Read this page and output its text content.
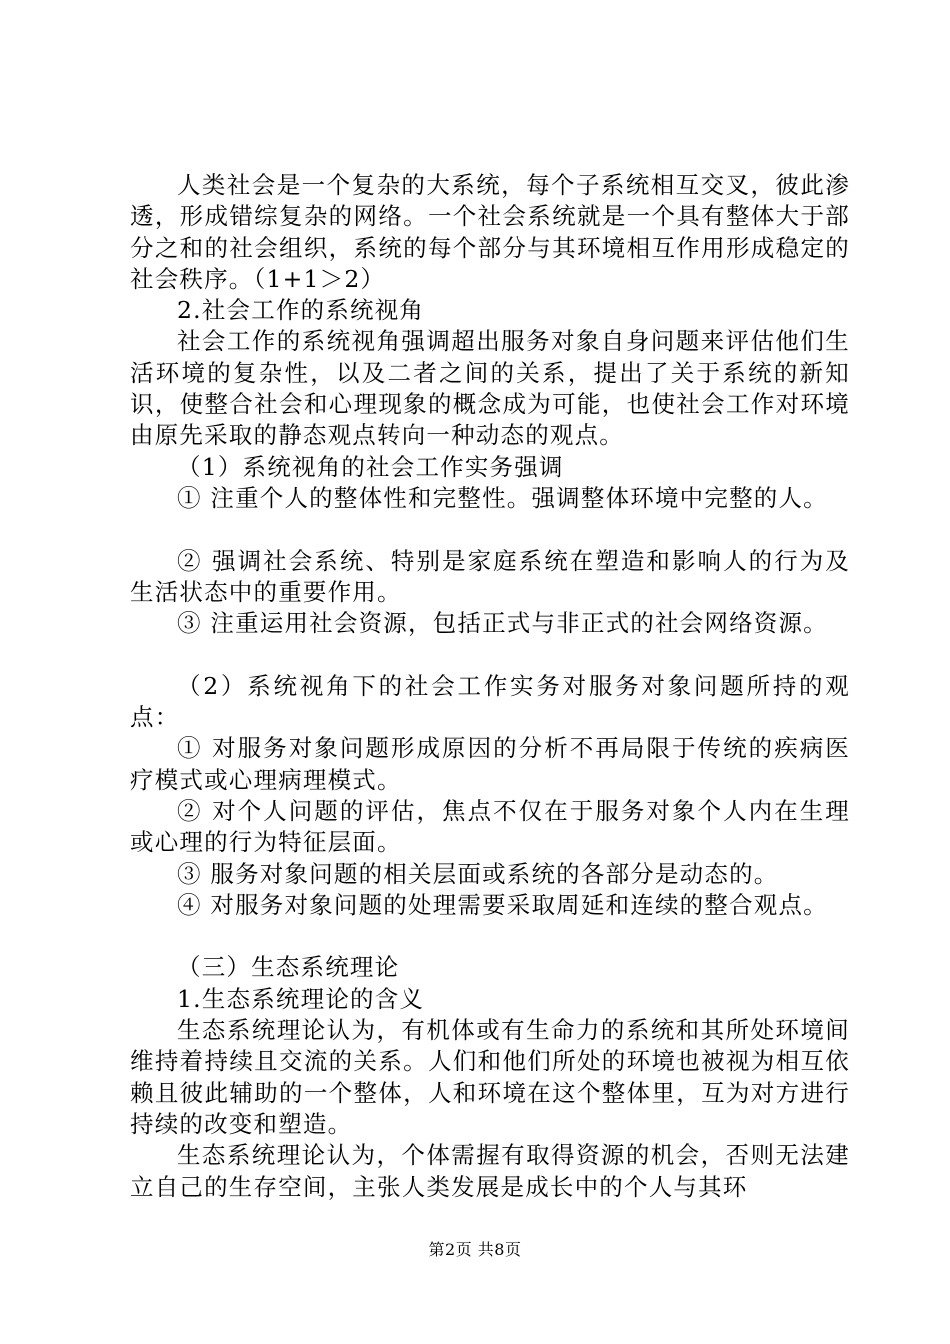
人类社会是一个复杂的大系统，每个子系统相互交叉，彼此渗透，形成错综复杂的网络。一个社会系统就是一个具有整体大于部分之和的社会组织，系统的每个部分与其环境相互作用形成稳定的社会秩序。（1+1＞2）

2.社会工作的系统视角

社会工作的系统视角强调超出服务对象自身问题来评估他们生活环境的复杂性，以及二者之间的关系，提出了关于系统的新知识，使整合社会和心理现象的概念成为可能，也使社会工作对环境由原先采取的静态观点转向一种动态的观点。

（1）系统视角的社会工作实务强调

① 注重个人的整体性和完整性。强调整体环境中完整的人。

② 强调社会系统、特别是家庭系统在塑造和影响人的行为及生活状态中的重要作用。

③ 注重运用社会资源，包括正式与非正式的社会网络资源。

（2）系统视角下的社会工作实务对服务对象问题所持的观点：

① 对服务对象问题形成原因的分析不再局限于传统的疾病医疗模式或心理病理模式。

② 对个人问题的评估，焦点不仅在于服务对象个人内在生理或心理的行为特征层面。

③ 服务对象问题的相关层面或系统的各部分是动态的。

④ 对服务对象问题的处理需要采取周延和连续的整合观点。

（三）生态系统理论

1.生态系统理论的含义

生态系统理论认为，有机体或有生命力的系统和其所处环境间维持着持续且交流的关系。人们和他们所处的环境也被视为相互依赖且彼此辅助的一个整体，人和环境在这个整体里，互为对方进行持续的改变和塑造。

生态系统理论认为，个体需握有取得资源的机会，否则无法建立自己的生存空间，主张人类发展是成长中的个人与其环

第2页 共8页
